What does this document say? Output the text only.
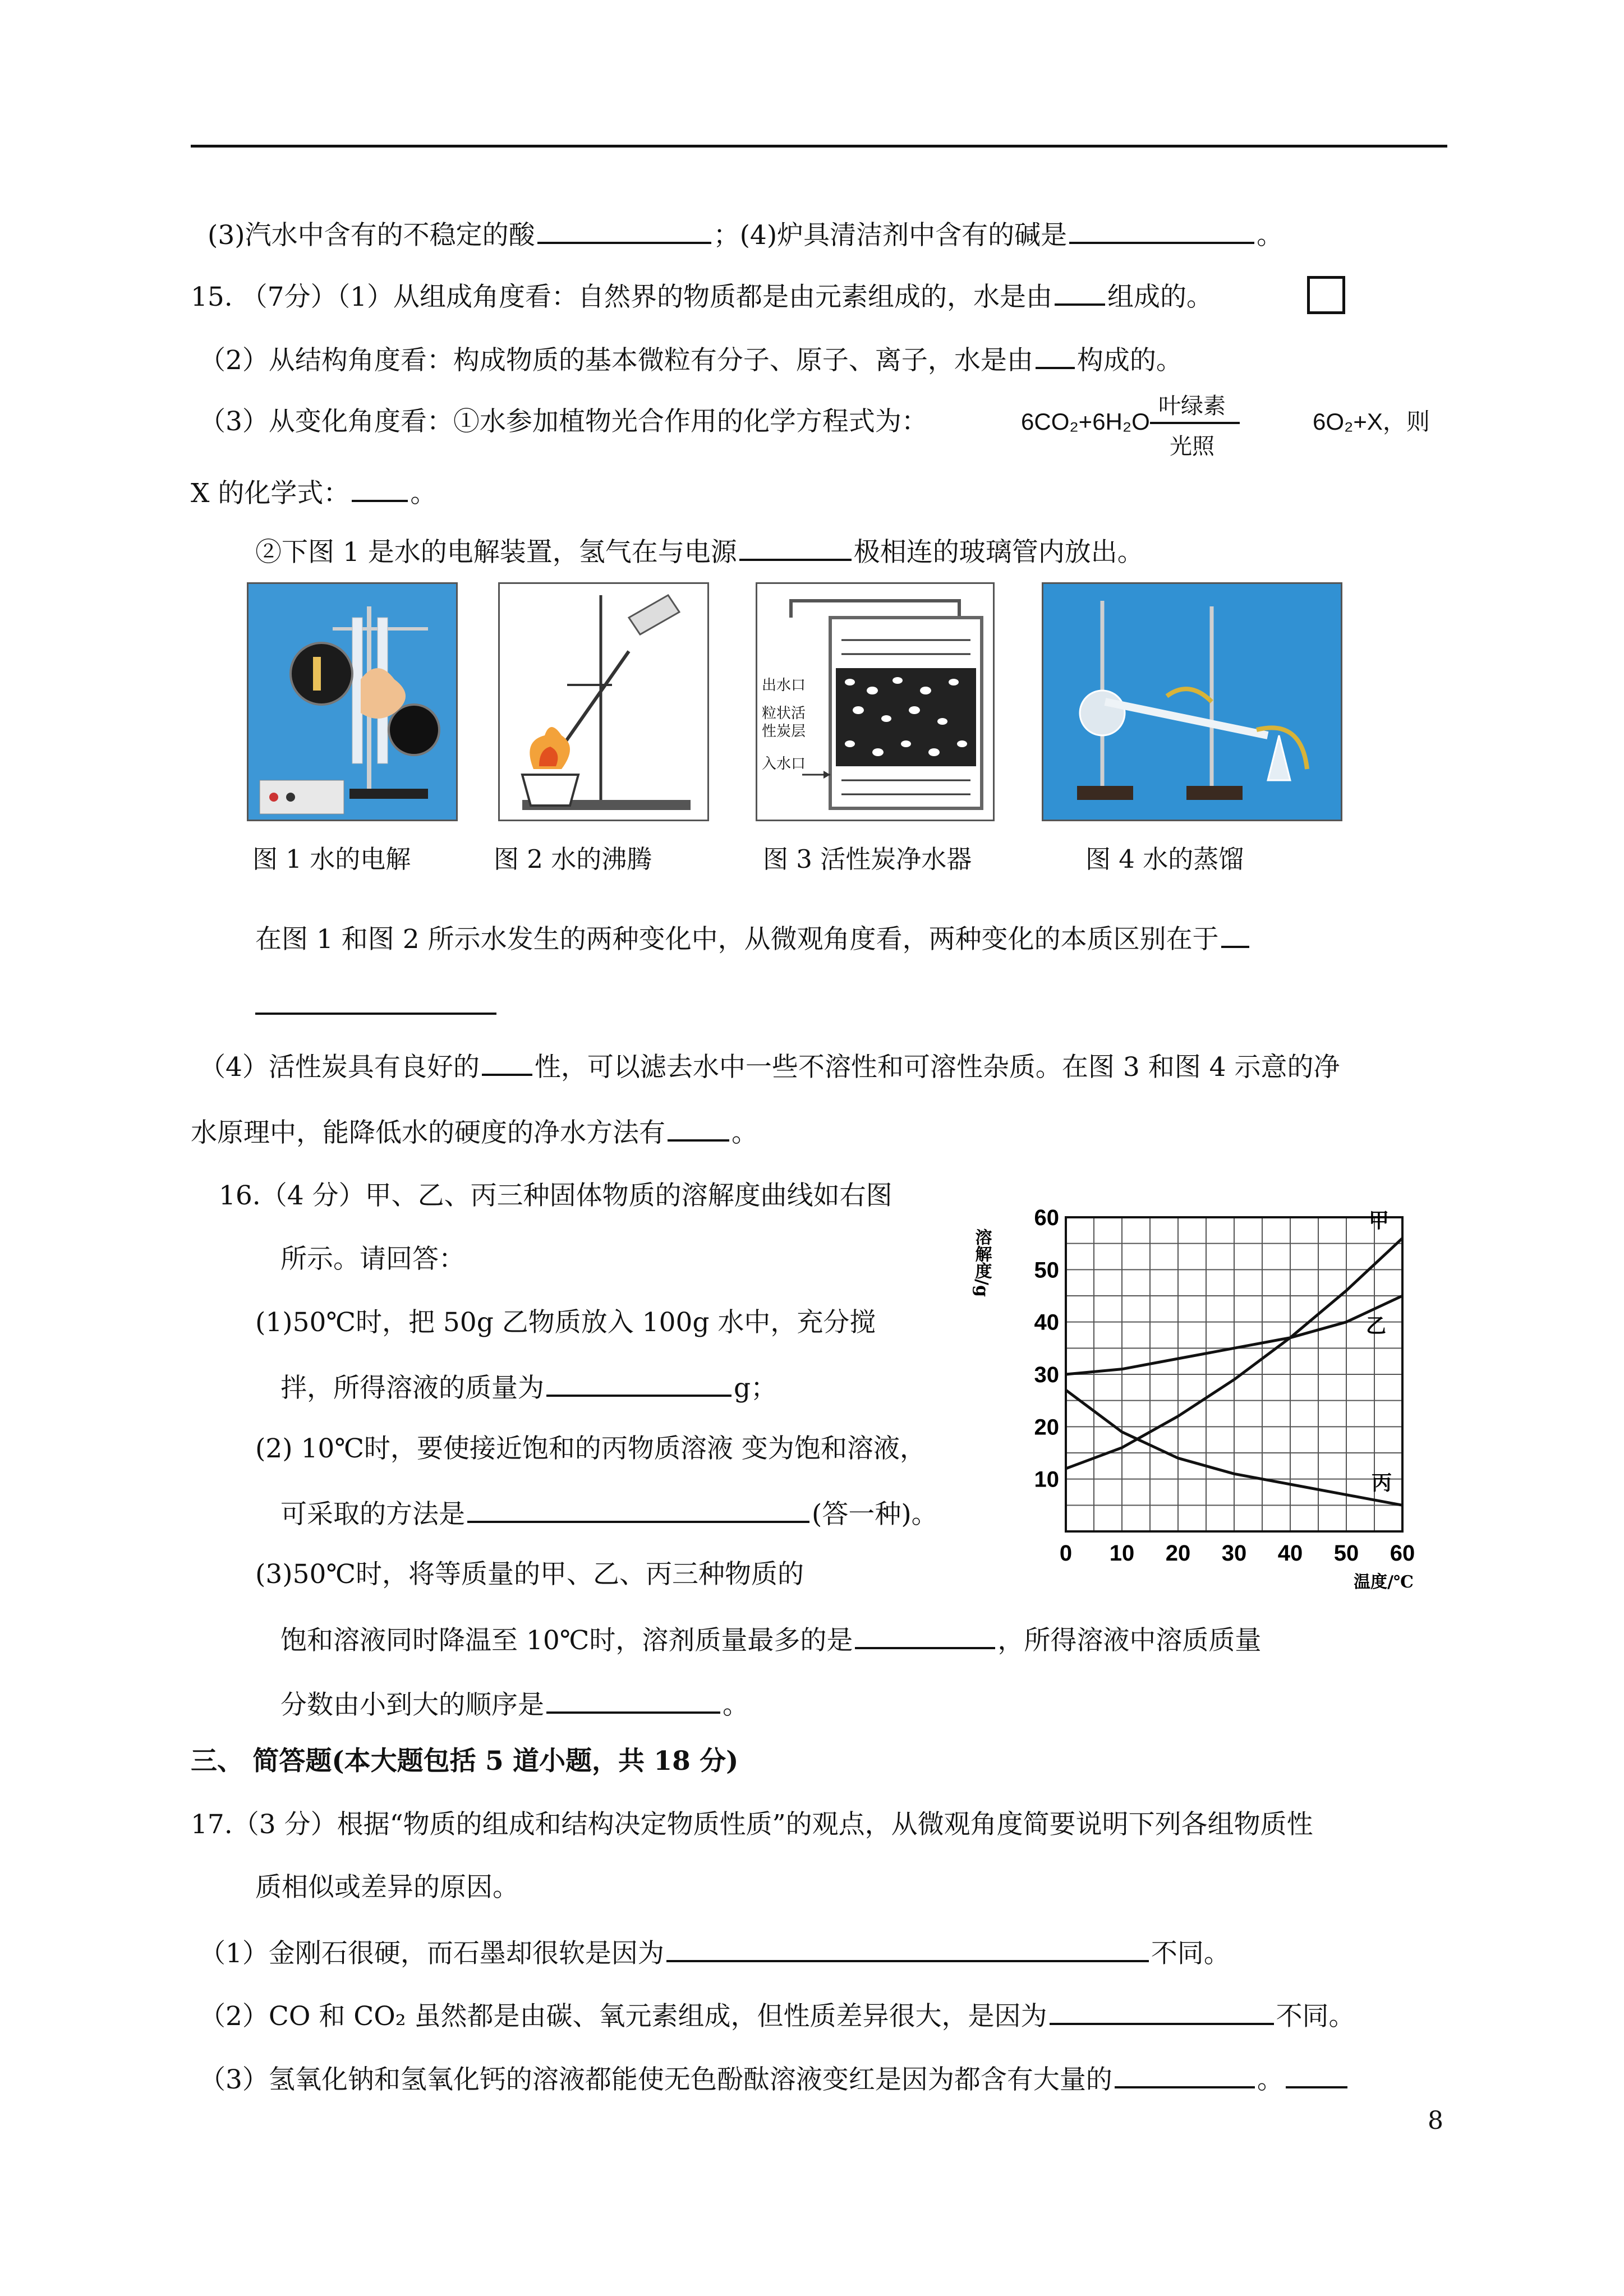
(3)汽水中含有的不稳定的酸	；(4)炉具清洁剂中含有的碱是	。
15. （7分）（1）从组成角度看：自然界的物质都是由元素组成的，水是由 组成的。
（2）从结构角度看：构成物质的基本微粒有分子、原子、离子，水是由 构成的。
（3）从变化角度看：①水参加植物光合作用的化学方程式为：	6CO₂+6H₂O
叶绿素
光照
6O₂+X，则
X 的化学式： 。
②下图 1 是水的电解装置，氢气在与电源	极相连的玻璃管内放出。
出水口
粒状活
性炭层
入水口
图 1 水的电解	图 2 水的沸腾	图 3 活性炭净水器	图 4 水的蒸馏
在图 1 和图 2 所示水发生的两种变化中，从微观角度看，两种变化的本质区别在于
（4）活性炭具有良好的 性，可以滤去水中一些不溶性和可溶性杂质。在图 3 和图 4 示意的净
水原理中，能降低水的硬度的净水方法有	。
16.（4 分）甲、乙、丙三种固体物质的溶解度曲线如右图
所示。请回答：
(1)50℃时，把 50g 乙物质放入 100g 水中，充分搅
拌，所得溶液的质量为	g；
(2) 10℃时，要使接近饱和的丙物质溶液 变为饱和溶液，
可采取的方法是	(答一种)。
(3)50℃时，将等质量的甲、乙、丙三种物质的
饱和溶液同时降温至 10℃时，溶剂质量最多的是	，所得溶液中溶质质量
分数由小到大的顺序是	。
0 10 20 30 40 50 60
10
20
30
40
50
60
溶解度/g
温度/℃
甲
乙
丙
三、 简答题(本大题包括 5 道小题，共 18 分)
17.（3 分）根据“物质的组成和结构决定物质性质”的观点，从微观角度简要说明下列各组物质性
质相似或差异的原因。
（1）金刚石很硬，而石墨却很软是因为	不同。
（2）CO 和 CO₂ 虽然都是由碳、氧元素组成，但性质差异很大，是因为	不同。
（3）氢氧化钠和氢氧化钙的溶液都能使无色酚酞溶液变红是因为都含有大量的	。
8
